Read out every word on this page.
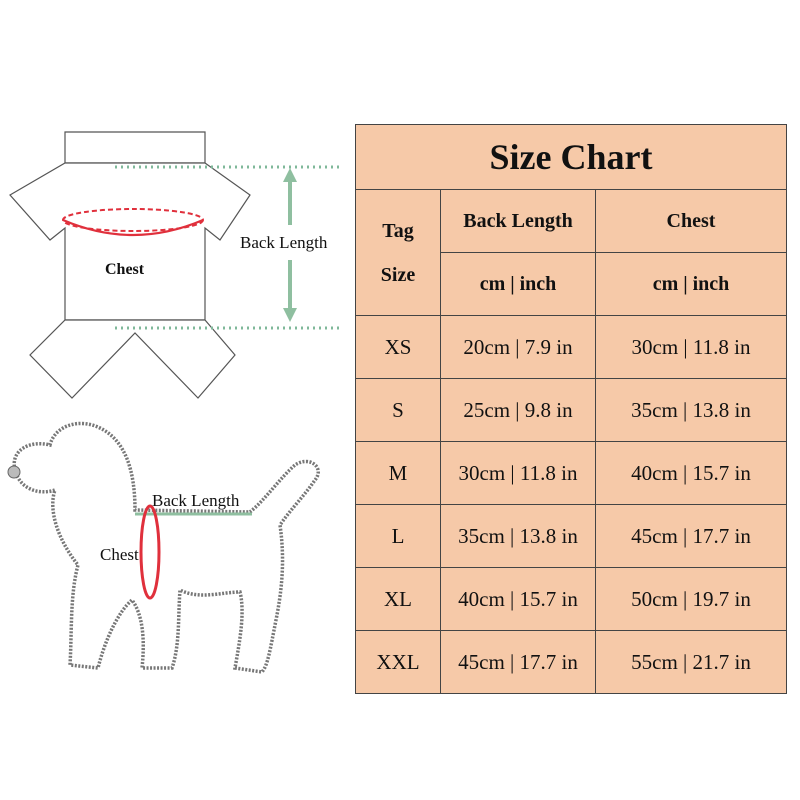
Back Length
Chest
Back Length
Chest
Size Chart		

Tag
Size	Back Length	Chest
	cm | inch	cm | inch
XS	20cm | 7.9 in	30cm | 11.8 in
S	25cm | 9.8 in	35cm | 13.8 in
M	30cm | 11.8 in	40cm | 15.7 in
L	35cm | 13.8 in	45cm | 17.7 in
XL	40cm | 15.7 in	50cm | 19.7 in
XXL	45cm | 17.7 in	55cm | 21.7 in
